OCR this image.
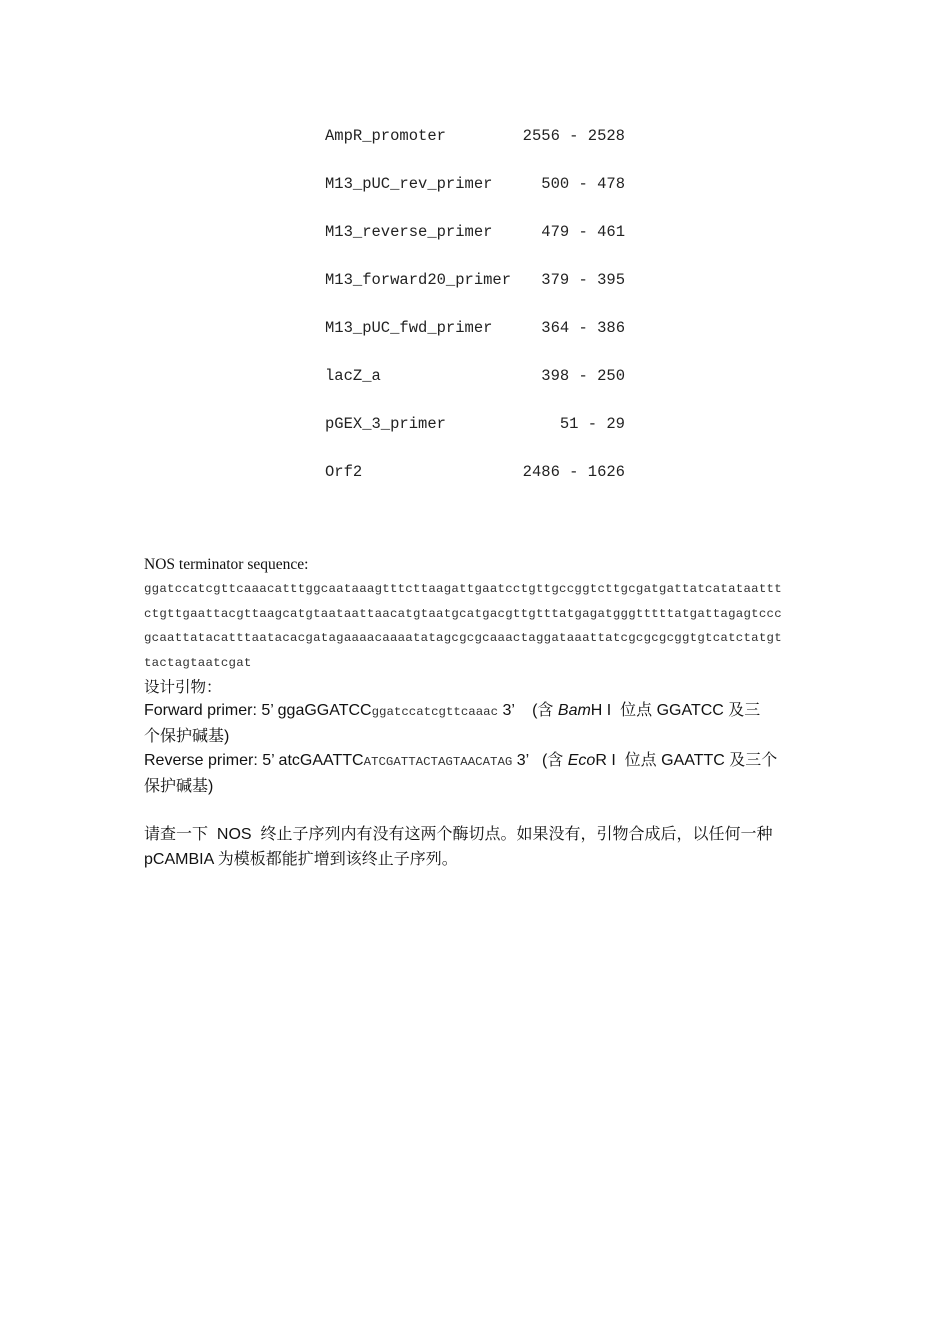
AmpR_promoter	2556 - 2528
M13_pUC_rev_primer	500 - 478
M13_reverse_primer	479 - 461
M13_forward20_primer 379 - 395
M13_pUC_fwd_primer	364 - 386
lacZ_a	398 - 250
pGEX_3_primer	51 - 29
Orf2	2486 - 1626
NOS terminator sequence:
ggatccatcgttcaaacatttggcaataaagtttcttaagattgaatcctgttgccggtcttgcgatgattatcatataattt
ctgttgaattacgttaagcatgtaataattaacatgtaatgcatgacgttgtttatgagatgggtttttatgattagagtccc
gcaattatacatttaatacacgatagaaaacaaaatatagcgcgcaaactaggataaattatcgcgcgcggtgtcatctatgt
tactagtaatcgat
设计引物：
Forward primer: 5’ ggaGGATCCggatccatcgttcaaac 3’    (含 BamH I  位点 GGATCC 及三
个保护碱基)
Reverse primer: 5’ atcGAATTCATCGATTACTAGTAACATAG 3’   (含 EcoR I  位点 GAATTC 及三个
保护碱基)
请查一下  NOS  终止子序列内有没有这两个酶切点。如果没有，引物合成后，以任何一种
pCAMBIA 为模板都能扩增到该终止子序列。
